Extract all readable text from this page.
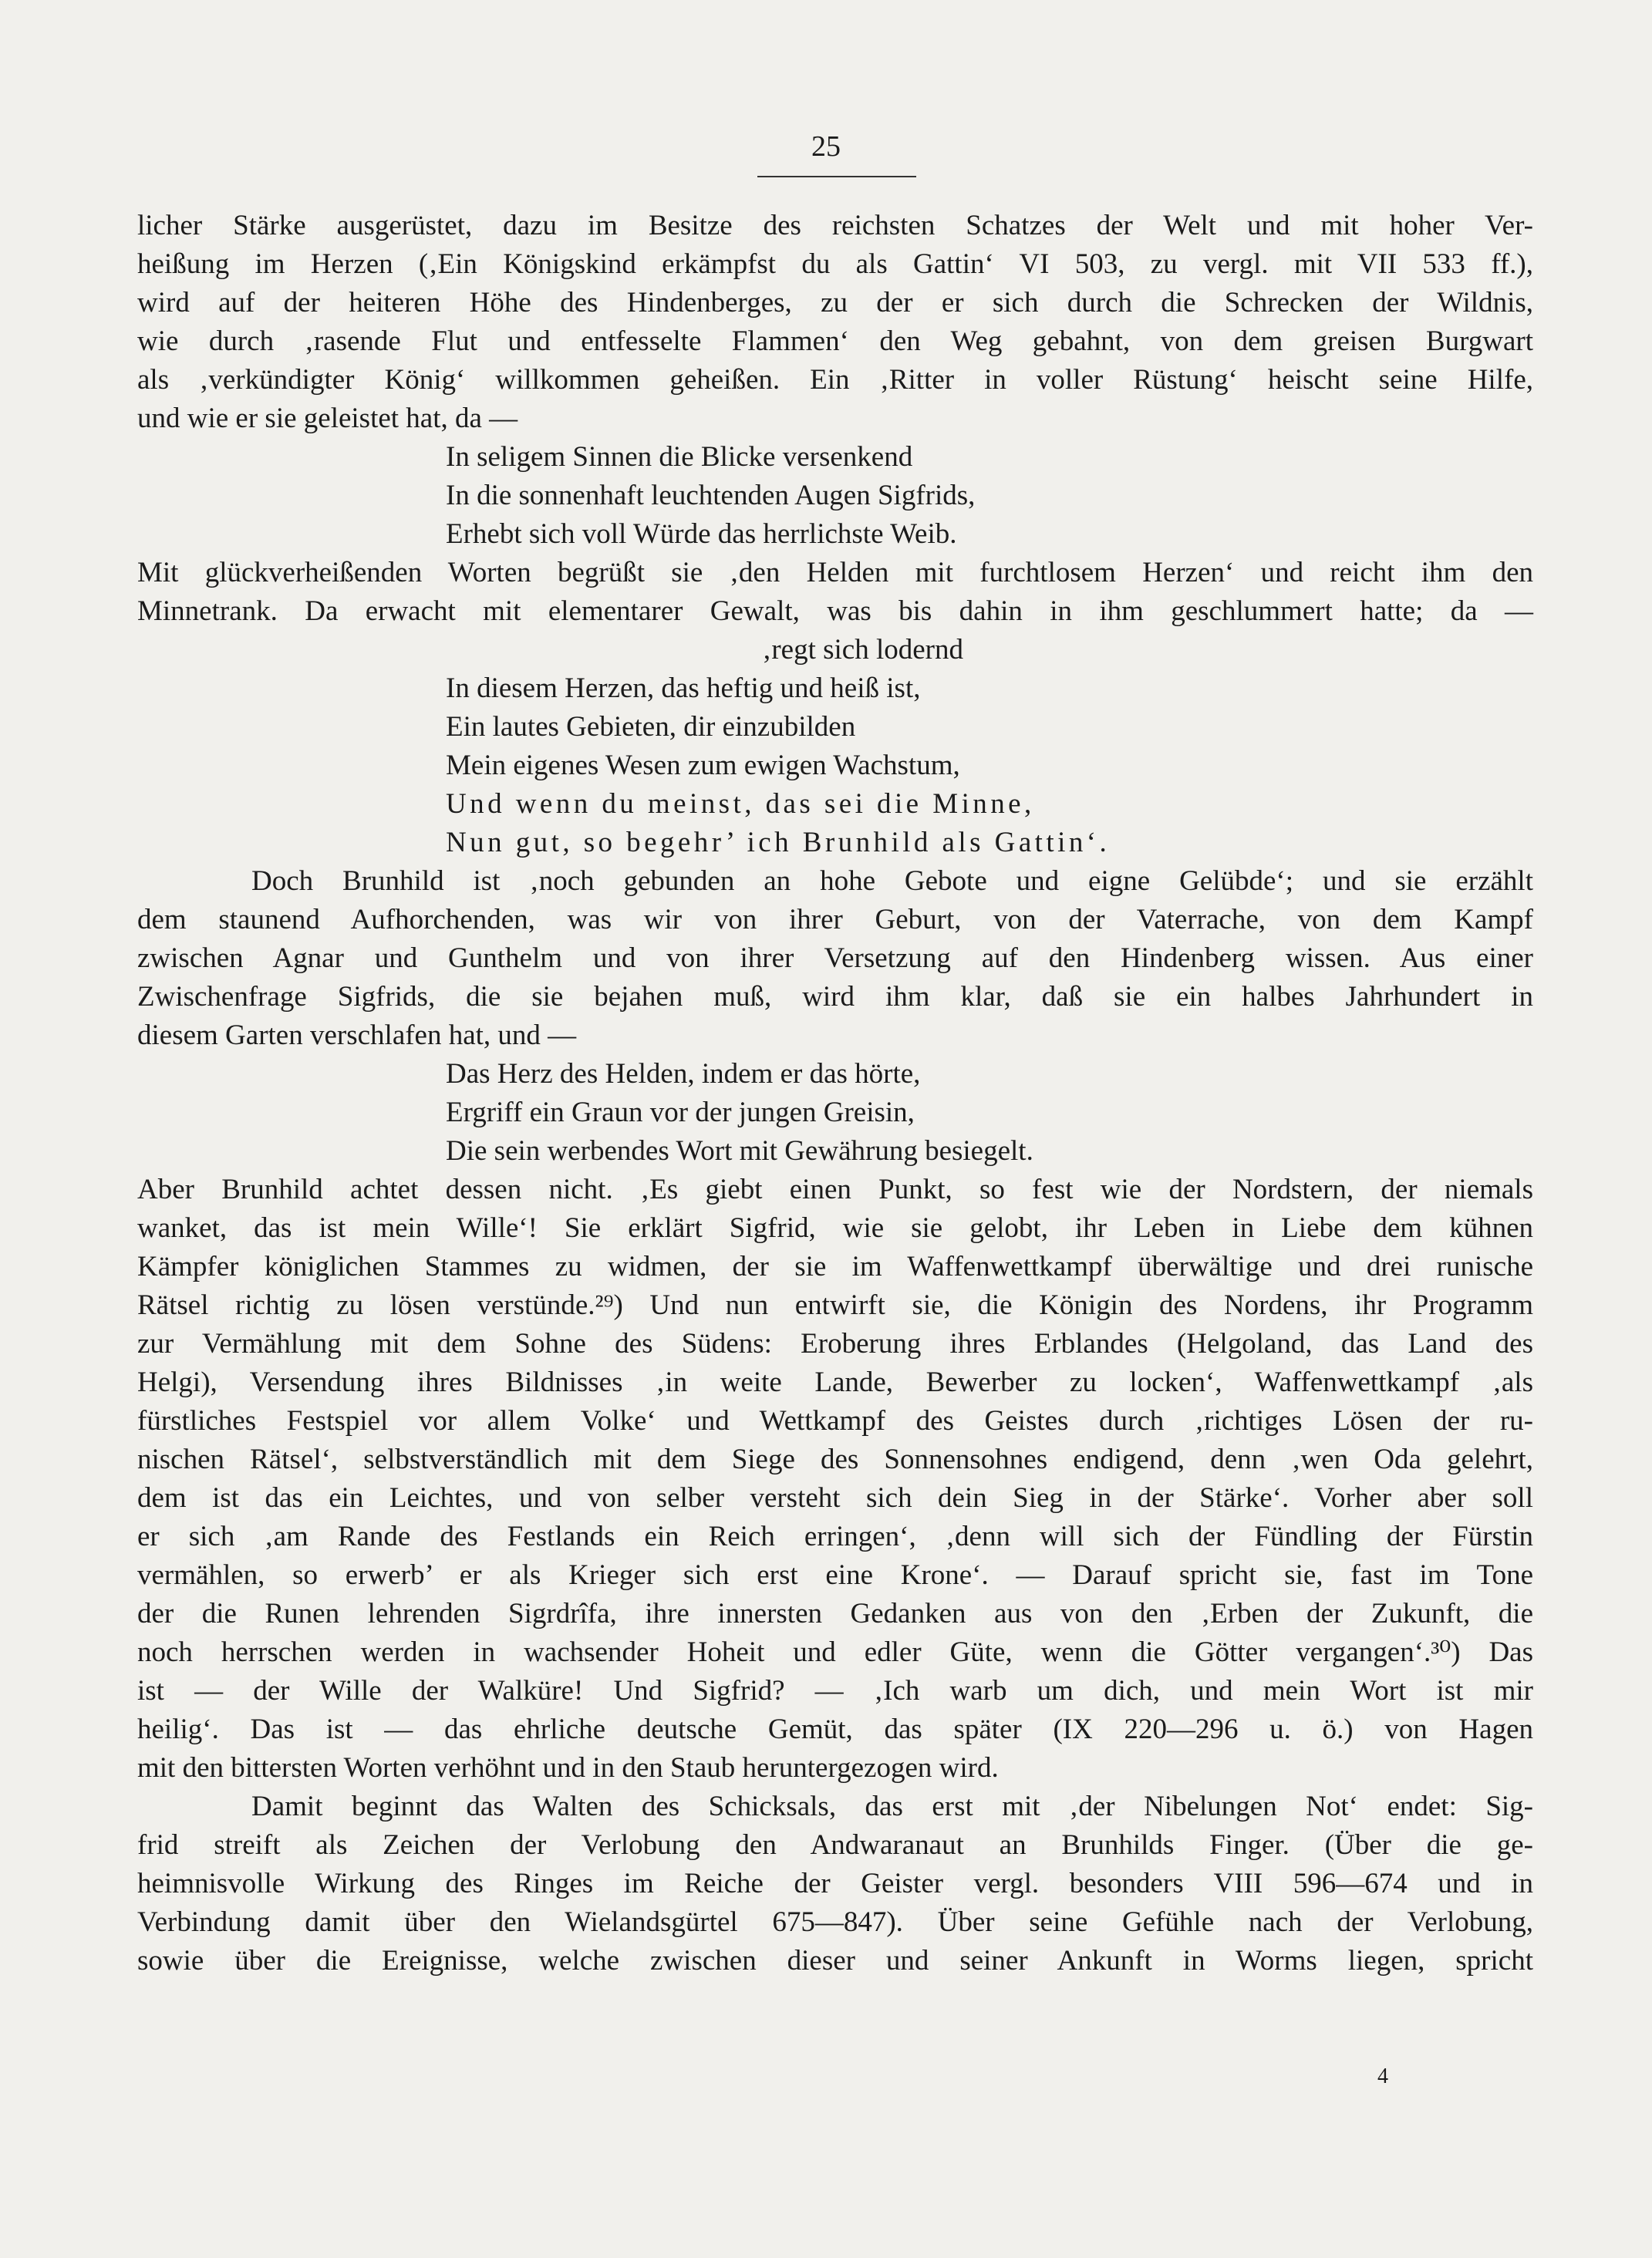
25
licher Stärke ausgerüstet, dazu im Besitze des reichsten Schatzes der Welt und mit hoher Ver-
heißung im Herzen (‚Ein Königskind erkämpfst du als Gattin‘ VI 503, zu vergl. mit VII 533 ff.),
wird auf der heiteren Höhe des Hindenberges, zu der er sich durch die Schrecken der Wildnis,
wie durch ‚rasende Flut und entfesselte Flammen‘ den Weg gebahnt, von dem greisen Burgwart
als ‚verkündigter König‘ willkommen geheißen. Ein ‚Ritter in voller Rüstung‘ heischt seine Hilfe,
und wie er sie geleistet hat, da —
In seligem Sinnen die Blicke versenkend
In die sonnenhaft leuchtenden Augen Sigfrids,
Erhebt sich voll Würde das herrlichste Weib.
Mit glückverheißenden Worten begrüßt sie ‚den Helden mit furchtlosem Herzen‘ und reicht ihm den
Minnetrank. Da erwacht mit elementarer Gewalt, was bis dahin in ihm geschlummert hatte; da —
‚regt sich lodernd
In diesem Herzen, das heftig und heiß ist,
Ein lautes Gebieten, dir einzubilden
Mein eigenes Wesen zum ewigen Wachstum,
Und wenn du meinst, das sei die Minne,
Nun gut, so begehr’ ich Brunhild als Gattin‘.
Doch Brunhild ist ‚noch gebunden an hohe Gebote und eigne Gelübde‘; und sie erzählt
dem staunend Aufhorchenden, was wir von ihrer Geburt, von der Vaterrache, von dem Kampf
zwischen Agnar und Gunthelm und von ihrer Versetzung auf den Hindenberg wissen. Aus einer
Zwischenfrage Sigfrids, die sie bejahen muß, wird ihm klar, daß sie ein halbes Jahrhundert in
diesem Garten verschlafen hat, und —
Das Herz des Helden, indem er das hörte,
Ergriff ein Graun vor der jungen Greisin,
Die sein werbendes Wort mit Gewährung besiegelt.
Aber Brunhild achtet dessen nicht. ‚Es giebt einen Punkt, so fest wie der Nordstern, der niemals
wanket, das ist mein Wille‘! Sie erklärt Sigfrid, wie sie gelobt, ihr Leben in Liebe dem kühnen
Kämpfer königlichen Stammes zu widmen, der sie im Waffenwettkampf überwältige und drei runische
Rätsel richtig zu lösen verstünde.²⁹) Und nun entwirft sie, die Königin des Nordens, ihr Programm
zur Vermählung mit dem Sohne des Südens: Eroberung ihres Erblandes (Helgoland, das Land des
Helgi), Versendung ihres Bildnisses ‚in weite Lande, Bewerber zu locken‘, Waffenwettkampf ‚als
fürstliches Festspiel vor allem Volke‘ und Wettkampf des Geistes durch ‚richtiges Lösen der ru-
nischen Rätsel‘, selbstverständlich mit dem Siege des Sonnensohnes endigend, denn ‚wen Oda gelehrt,
dem ist das ein Leichtes, und von selber versteht sich dein Sieg in der Stärke‘. Vorher aber soll
er sich ‚am Rande des Festlands ein Reich erringen‘, ‚denn will sich der Fündling der Fürstin
vermählen, so erwerb’ er als Krieger sich erst eine Krone‘. — Darauf spricht sie, fast im Tone
der die Runen lehrenden Sigrdrîfa, ihre innersten Gedanken aus von den ‚Erben der Zukunft, die
noch herrschen werden in wachsender Hoheit und edler Güte, wenn die Götter vergangen‘.³⁰) Das
ist — der Wille der Walküre! Und Sigfrid? — ‚Ich warb um dich, und mein Wort ist mir
heilig‘. Das ist — das ehrliche deutsche Gemüt, das später (IX 220—296 u. ö.) von Hagen
mit den bittersten Worten verhöhnt und in den Staub heruntergezogen wird.
Damit beginnt das Walten des Schicksals, das erst mit ‚der Nibelungen Not‘ endet: Sig-
frid streift als Zeichen der Verlobung den Andwaranaut an Brunhilds Finger. (Über die ge-
heimnisvolle Wirkung des Ringes im Reiche der Geister vergl. besonders VIII 596—674 und in
Verbindung damit über den Wielandsgürtel 675—847). Über seine Gefühle nach der Verlobung,
sowie über die Ereignisse, welche zwischen dieser und seiner Ankunft in Worms liegen, spricht
4
